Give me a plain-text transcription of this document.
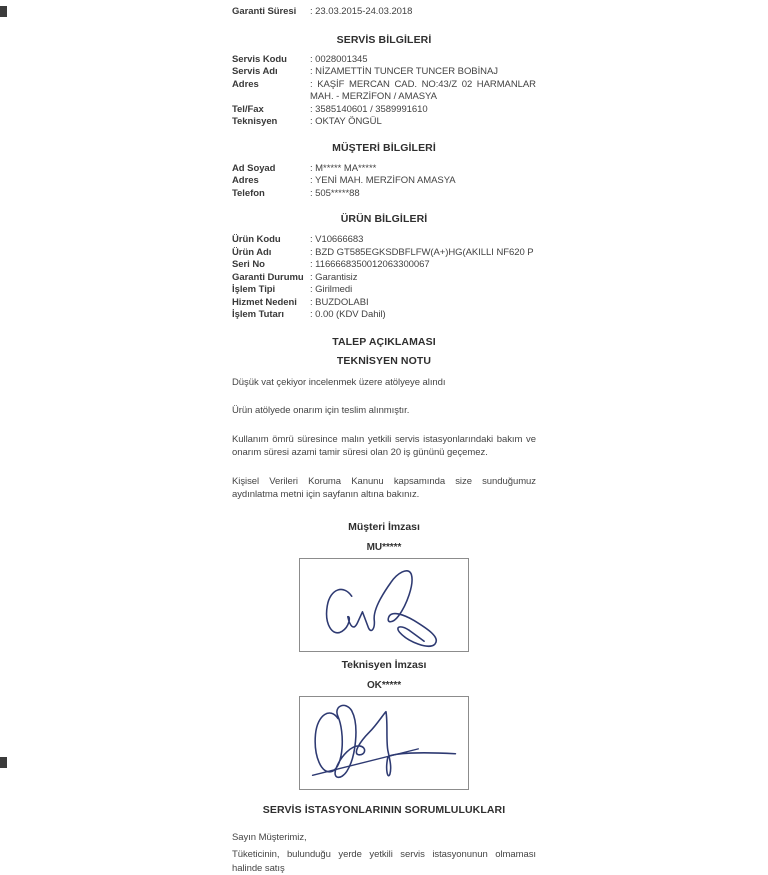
Garanti Süresi	: 23.03.2015-24.03.2018
SERVİS BİLGİLERİ
Servis Kodu	: 0028001345
Servis Adı	: NİZAMETTİN TUNCER TUNCER BOBİNAJ
Adres	: KAŞİF MERCAN CAD. NO:43/Z 02 HARMANLAR MAH. - MERZİFON / AMASYA
Tel/Fax	: 3585140601 / 3589991610
Teknisyen	: OKTAY ÖNGÜL
MÜŞTERİ BİLGİLERİ
Ad Soyad	: M***** MA*****
Adres	: YENİ MAH. MERZİFON AMASYA
Telefon	: 505*****88
ÜRÜN BİLGİLERİ
Ürün Kodu	: V10666683
Ürün Adı	: BZD GT585EGKSDBFLFW(A+)HG(AKILLI NF620 P
Seri No	: 1166668350012063300067
Garanti Durumu : Garantisiz
İşlem Tipi	: Girilmedi
Hizmet Nedeni	: BUZDOLABI
İşlem Tutarı	: 0.00 (KDV Dahil)
TALEP AÇIKLAMASI
TEKNİSYEN NOTU

Düşük vat çekiyor incelenmek üzere atölyeye alındı

Ürün atölyede onarım için teslim alınmıştır.

Kullanım ömrü süresince malın yetkili servis istasyonlarındaki bakım ve onarım süresi azami tamir süresi olan 20 iş gününü geçemez.

Kişisel Verileri Koruma Kanunu kapsamında size sunduğumuz aydınlatma metni için sayfanın altına bakınız.

Müşteri İmzası
MU*****
Teknisyen İmzası
OK*****
SERVİS İSTASYONLARININ SORUMLULUKLARI
Sayın Müşterimiz,
Tüketicinin, bulunduğu yerde yetkili servis istasyonunun olmaması halinde satış
